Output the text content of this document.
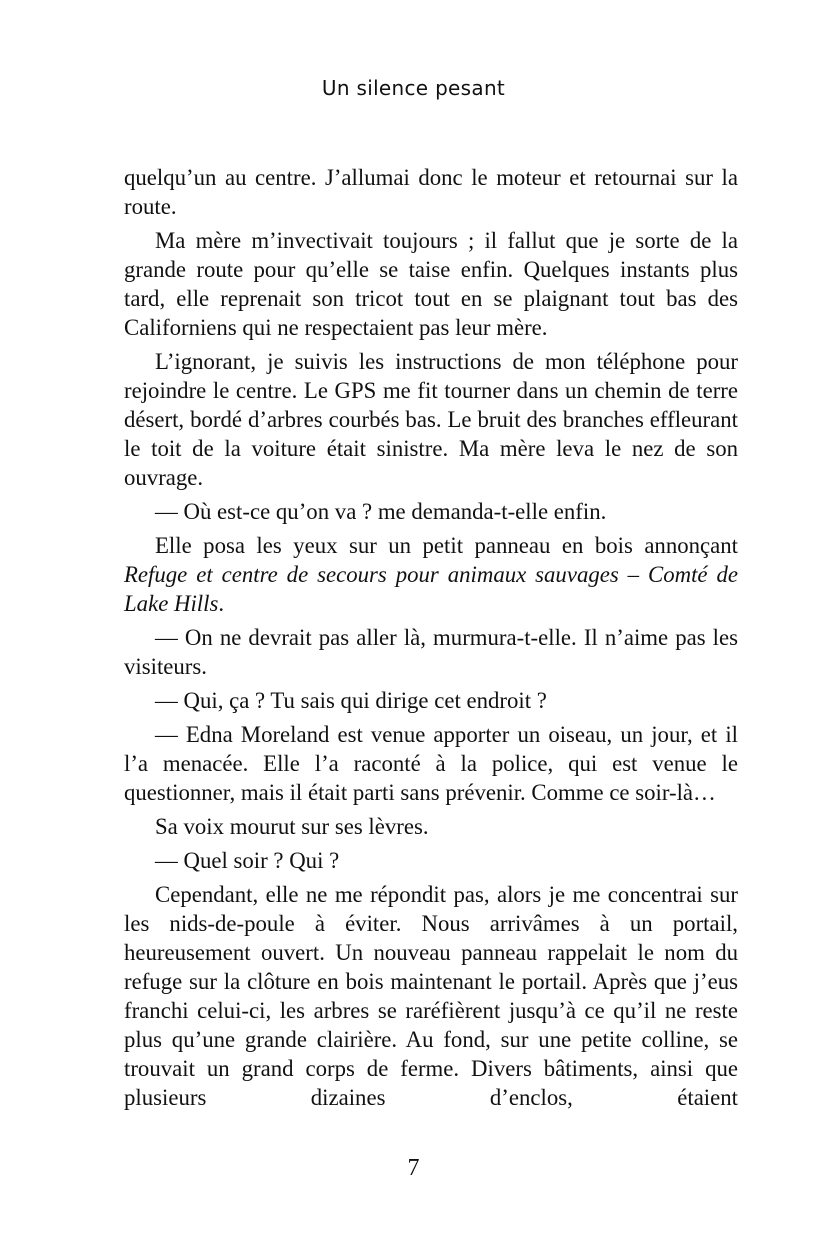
Un silence pesant

quelqu’un au centre. J’allumai donc le moteur et retournai sur la route.

Ma mère m’invectivait toujours ; il fallut que je sorte de la grande route pour qu’elle se taise enfin. Quelques instants plus tard, elle reprenait son tricot tout en se plaignant tout bas des Californiens qui ne respectaient pas leur mère.

L’ignorant, je suivis les instructions de mon téléphone pour rejoindre le centre. Le GPS me fit tourner dans un chemin de terre désert, bordé d’arbres courbés bas. Le bruit des branches effleurant le toit de la voiture était sinistre. Ma mère leva le nez de son ouvrage.

— Où est-ce qu’on va ? me demanda-t-elle enfin.

Elle posa les yeux sur un petit panneau en bois annonçant Refuge et centre de secours pour animaux sauvages – Comté de Lake Hills.

— On ne devrait pas aller là, murmura-t-elle. Il n’aime pas les visiteurs.

— Qui, ça ? Tu sais qui dirige cet endroit ?

— Edna Moreland est venue apporter un oiseau, un jour, et il l’a menacée. Elle l’a raconté à la police, qui est venue le questionner, mais il était parti sans prévenir. Comme ce soir-là…

Sa voix mourut sur ses lèvres.

— Quel soir ? Qui ?

Cependant, elle ne me répondit pas, alors je me concentrai sur les nids-de-poule à éviter. Nous arrivâmes à un portail, heureusement ouvert. Un nouveau panneau rappelait le nom du refuge sur la clôture en bois maintenant le portail. Après que j’eus franchi celui-ci, les arbres se raréfièrent jusqu’à ce qu’il ne reste plus qu’une grande clairière. Au fond, sur une petite colline, se trouvait un grand corps de ferme. Divers bâtiments, ainsi que plusieurs dizaines d’enclos, étaient

7
